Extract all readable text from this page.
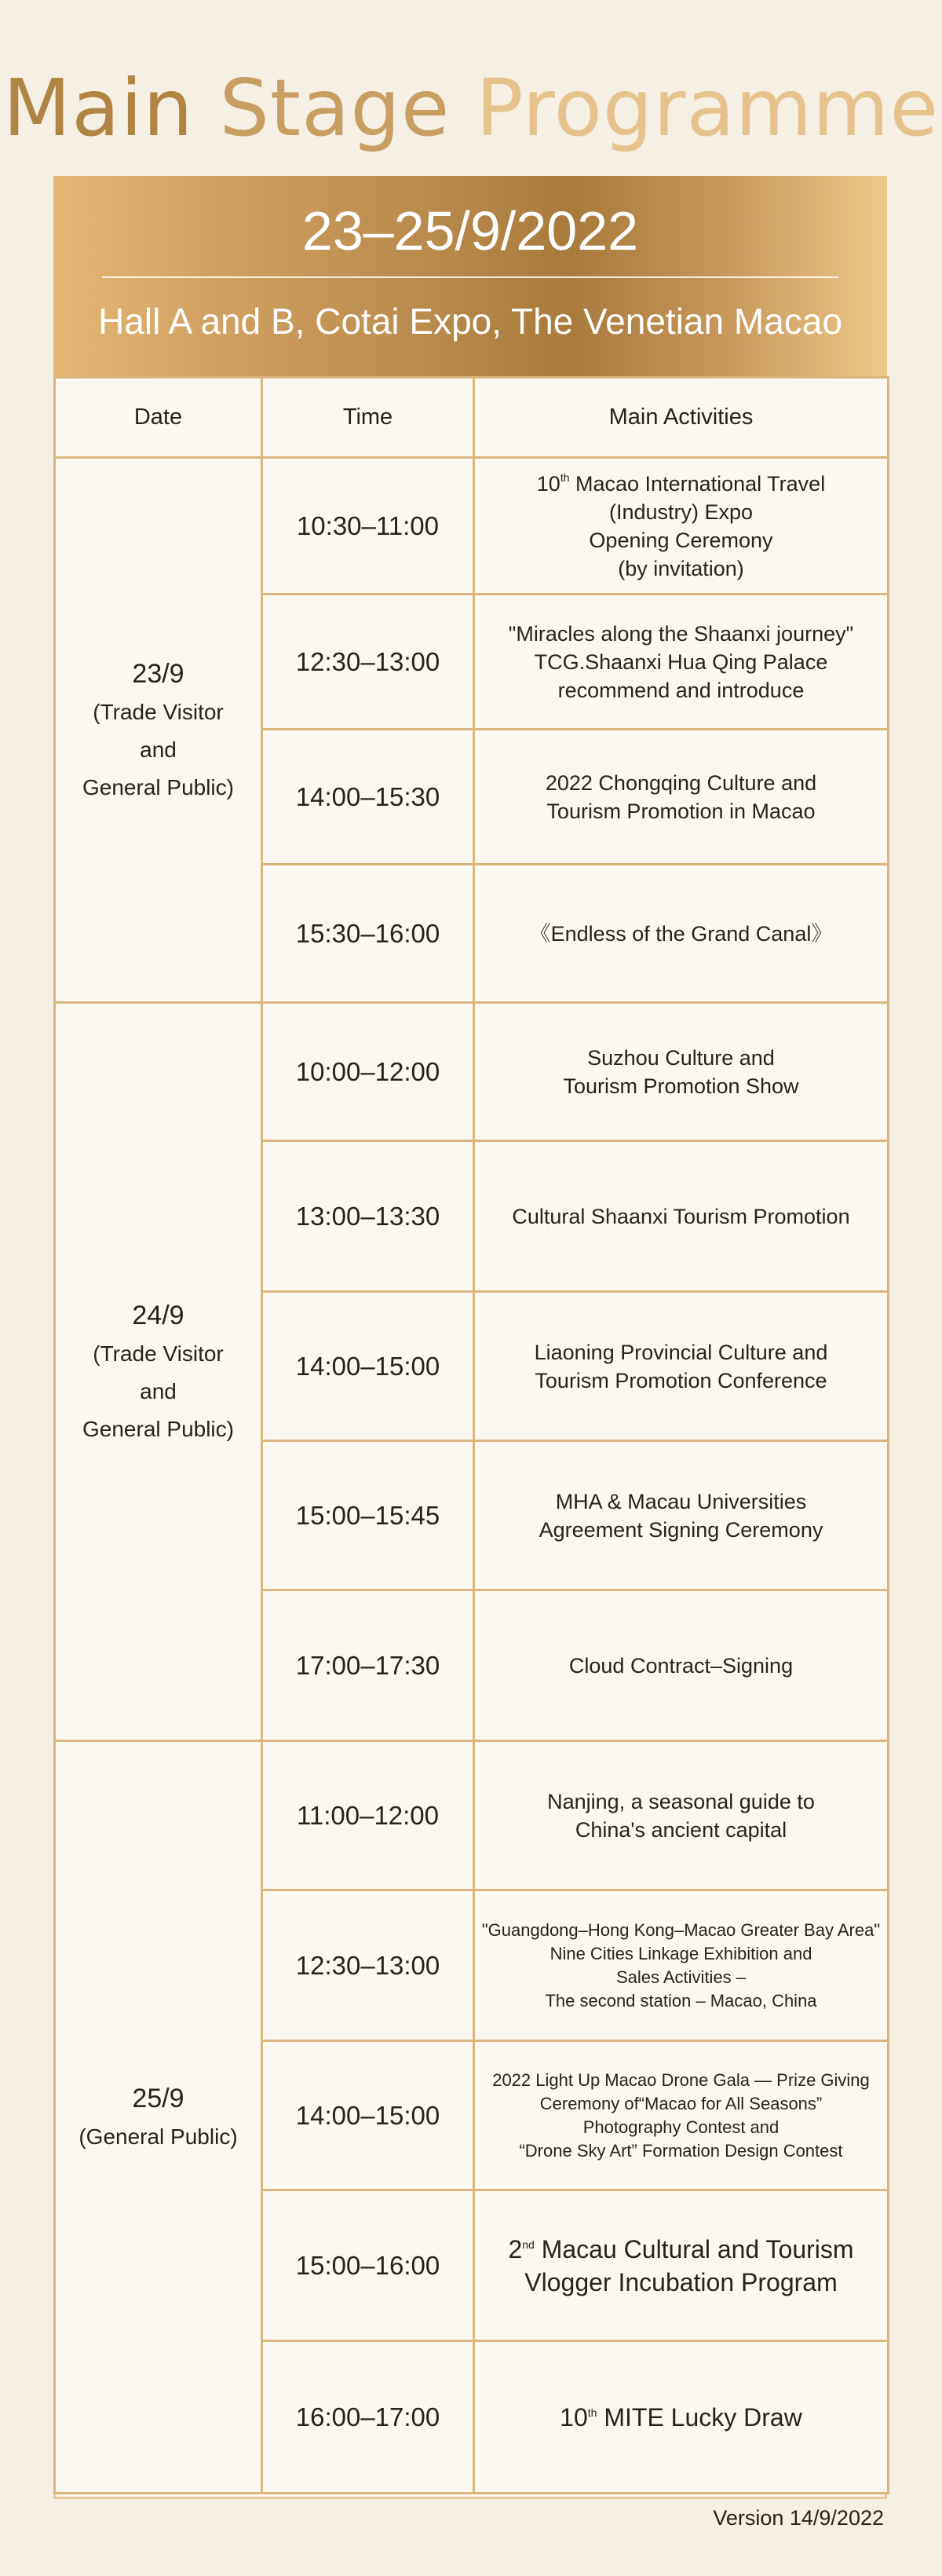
Main Stage Programme
23–25/9/2022
Hall A and B, Cotai Expo, The Venetian Macao
Date	Time	Main Activities

23/9
(Trade Visitor
and
General Public)	10:30–11:00	10th Macao International Travel
(Industry) Expo
Opening Ceremony
(by invitation)

	12:30–13:00	"Miracles along the Shaanxi journey"
TCG.Shaanxi Hua Qing Palace
recommend and introduce

	14:00–15:30	2022 Chongqing Culture and
Tourism Promotion in Macao

	15:30–16:00	《Endless of the Grand Canal》

24/9
(Trade Visitor
and
General Public)	10:00–12:00	Suzhou Culture and
Tourism Promotion Show

	13:00–13:30	Cultural Shaanxi Tourism Promotion

	14:00–15:00	Liaoning Provincial Culture and
Tourism Promotion Conference

	15:00–15:45	MHA & Macau Universities
Agreement Signing Ceremony

	17:00–17:30	Cloud Contract–Signing

25/9
(General Public)	11:00–12:00	Nanjing, a seasonal guide to
China's ancient capital

	12:30–13:00	"Guangdong–Hong Kong–Macao Greater Bay Area"
Nine Cities Linkage Exhibition and
Sales Activities –
The second station – Macao, China

	14:00–15:00	2022 Light Up Macao Drone Gala — Prize Giving
Ceremony of“Macao for All Seasons”
Photography Contest and
“Drone Sky Art” Formation Design Contest

	15:00–16:00	2nd Macau Cultural and Tourism
Vlogger Incubation Program

	16:00–17:00	10th MITE Lucky Draw
Version 14/9/2022
